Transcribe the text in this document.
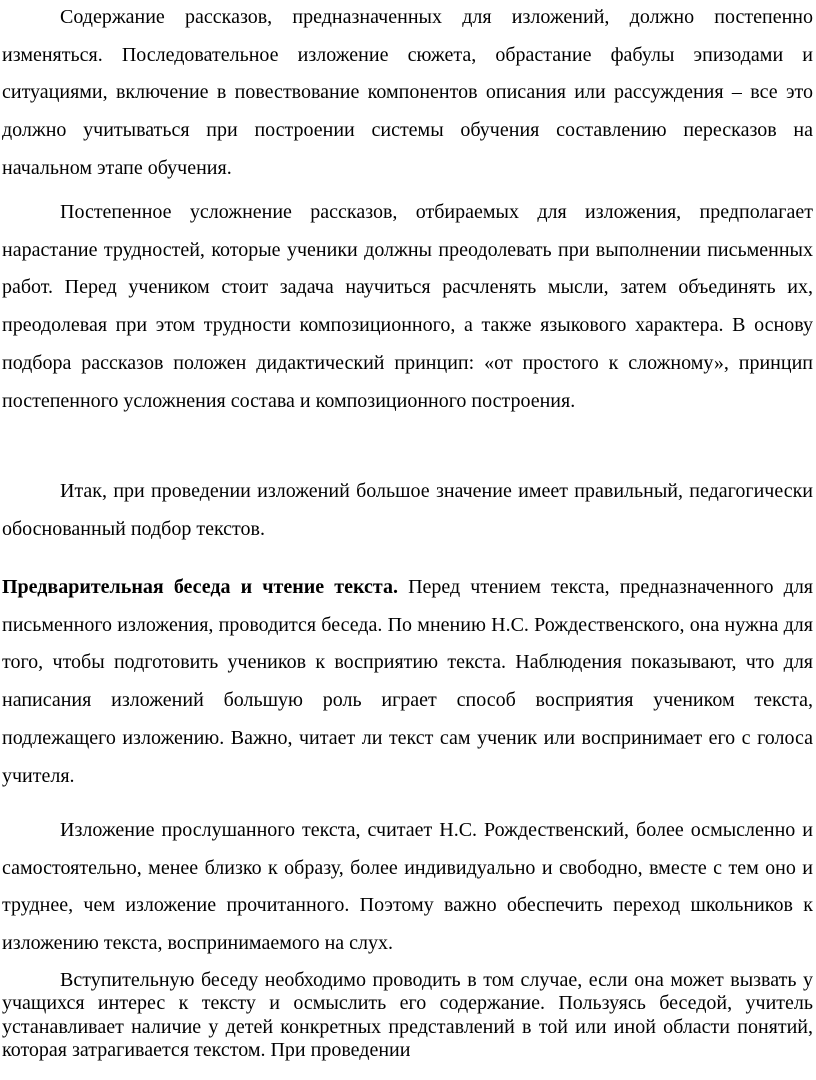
Содержание рассказов, предназначенных для изложений, должно постепенно изменяться. Последовательное изложение сюжета, обрастание фабулы эпизодами и ситуациями, включение в повествование компонентов описания или рассуждения – все это должно учитываться при построении системы обучения составлению пересказов на начальном этапе обучения.

Постепенное усложнение рассказов, отбираемых для изложения, предполагает нарастание трудностей, которые ученики должны преодолевать при выполнении письменных работ. Перед учеником стоит задача научиться расчленять мысли, затем объединять их, преодолевая при этом трудности композиционного, а также языкового характера. В основу подбора рассказов положен дидактический принцип: «от простого к сложному», принцип постепенного усложнения состава и композиционного построения.

Итак, при проведении изложений большое значение имеет правильный, педагогически обоснованный подбор текстов.

Предварительная беседа и чтение текста. Перед чтением текста, предназначенного для письменного изложения, проводится беседа. По мнению Н.С. Рождественского, она нужна для того, чтобы подготовить учеников к восприятию текста. Наблюдения показывают, что для написания изложений большую роль играет способ восприятия учеником текста, подлежащего изложению. Важно, читает ли текст сам ученик или воспринимает его с голоса учителя.

Изложение прослушанного текста, считает Н.С. Рождественский, более осмысленно и самостоятельно, менее близко к образу, более индивидуально и свободно, вместе с тем оно и труднее, чем изложение прочитанного. Поэтому важно обеспечить переход школьников к изложению текста, воспринимаемого на слух.

Вступительную беседу необходимо проводить в том случае, если она может вызвать у учащихся интерес к тексту и осмыслить его содержание. Пользуясь беседой, учитель устанавливает наличие у детей конкретных представлений в той или иной области понятий, которая затрагивается текстом. При проведении
